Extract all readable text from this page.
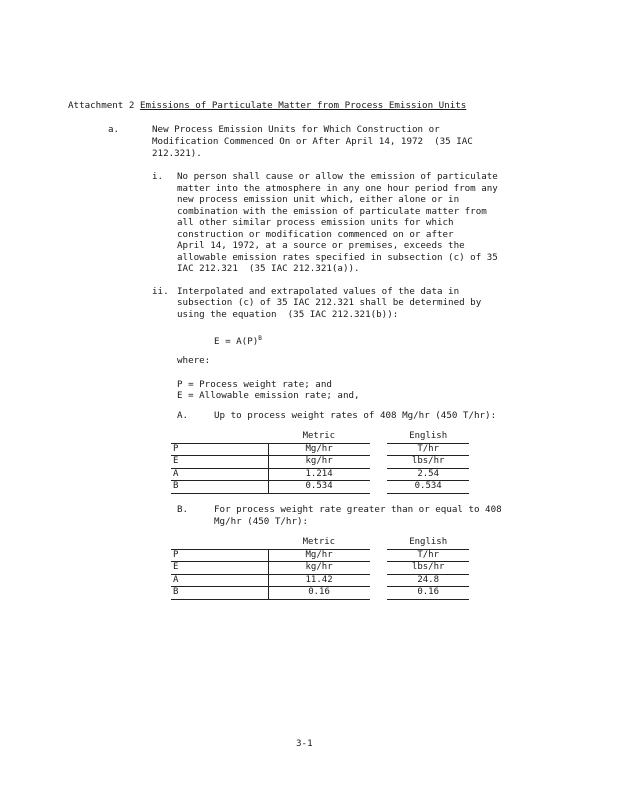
Attachment 2 Emissions of Particulate Matter from Process Emission Units
a.	New Process Emission Units for Which Construction or
Modification Commenced On or After April 14, 1972  (35 IAC
212.321).
i. No person shall cause or allow the emission of particulate
matter into the atmosphere in any one hour period from any
new process emission unit which, either alone or in
combination with the emission of particulate matter from
all other similar process emission units for which
construction or modification commenced on or after
April 14, 1972, at a source or premises, exceeds the
allowable emission rates specified in subsection (c) of 35
IAC 212.321  (35 IAC 212.321(a)).
ii. Interpolated and extrapolated values of the data in
subsection (c) of 35 IAC 212.321 shall be determined by
using the equation  (35 IAC 212.321(b)):
$E = A(P)^B$
where:
P = Process weight rate; and
E = Allowable emission rate; and,
A.	Up to process weight rates of 408 Mg/hr (450 T/hr):
	Metric		English
P	Mg/hr		T/hr
E	kg/hr		lbs/hr
A	1.214		2.54
B	0.534		0.534
B.	For process weight rate greater than or equal to 408
Mg/hr (450 T/hr):
	Metric		English
P	Mg/hr		T/hr
E	kg/hr		lbs/hr
A	11.42		24.8
B	0.16		0.16
3-1
